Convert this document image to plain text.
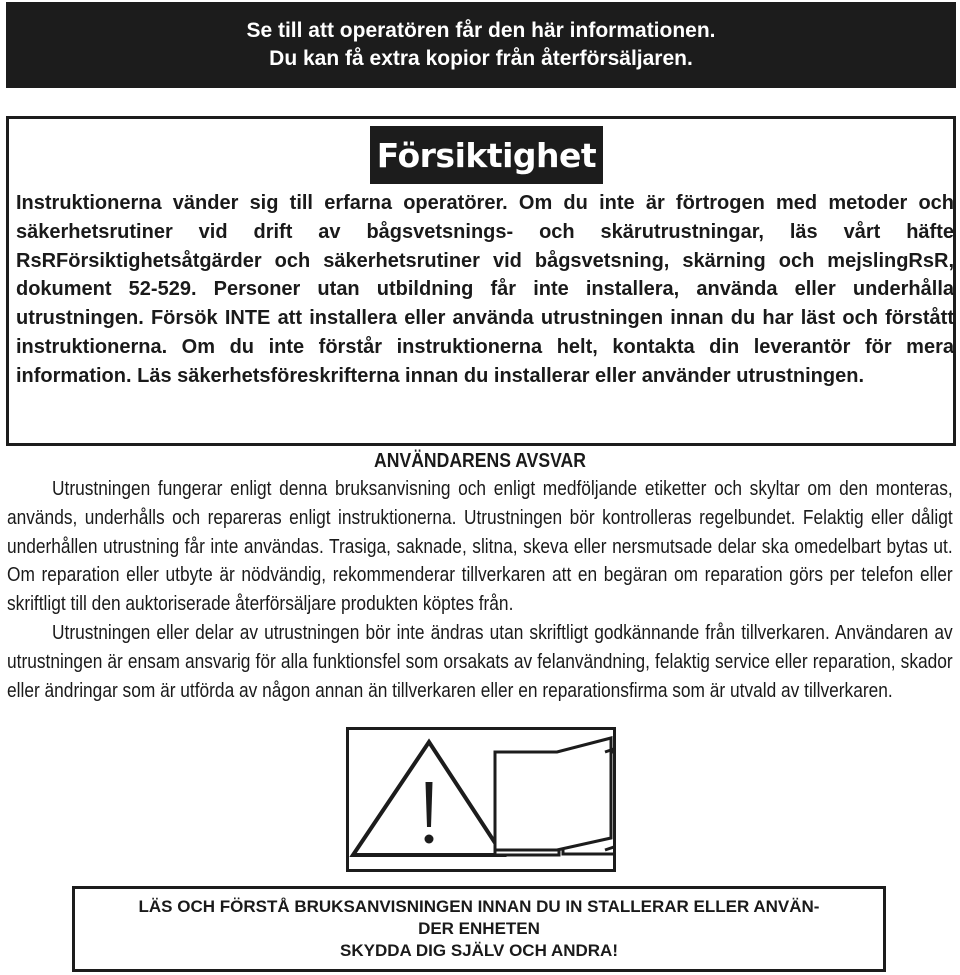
Se till att operatören får den här informationen.
Du kan få extra kopior från återförsäljaren.
Försiktighet

Instruktionerna vänder sig till erfarna operatörer. Om du inte är förtrogen med metoder och säkerhetsrutiner vid drift av bågsvetsnings- och skärutrustningar, läs vårt häfte RsRFörsiktighetsåtgärder och säkerhetsrutiner vid bågsvetsning, skärning och mejslingRsR, dokument 52-529. Personer utan utbildning får inte installera, använda eller underhålla utrustningen. Försök INTE att installera eller använda utrustningen innan du har läst och förstått instruktionerna. Om du inte förstår instruktionerna helt, kontakta din leverantör för mera information. Läs säkerhetsföreskrifterna innan du installerar eller använder utrustningen.

ANVÄNDARENS AVSVAR

Utrustningen fungerar enligt denna bruksanvisning och enligt medföljande etiketter och skyltar om den monteras, används, underhålls och repareras enligt instruktionerna. Utrustningen bör kontrolleras regelbundet. Felaktig eller dåligt underhållen utrustning får inte användas. Trasiga, saknade, slitna, skeva eller nersmutsade delar ska omedelbart bytas ut. Om reparation eller utbyte är nödvändig, rekommenderar tillverkaren att en begäran om reparation görs per telefon eller skriftligt till den auktoriserade återförsäljare produkten köptes från.

Utrustningen eller delar av utrustningen bör inte ändras utan skriftligt godkännande från tillverkaren. Användaren av utrustningen är ensam ansvarig för alla funktionsfel som orsakats av felanvändning, felaktig service eller reparation, skador eller ändringar som är utförda av någon annan än tillverkaren eller en reparationsfirma som är utvald av tillverkaren.

LÄS OCH FÖRSTÅ BRUKSANVISNINGEN INNAN DU IN STALLERAR ELLER ANVÄN-
DER ENHETEN
SKYDDA DIG SJÄLV OCH ANDRA!
